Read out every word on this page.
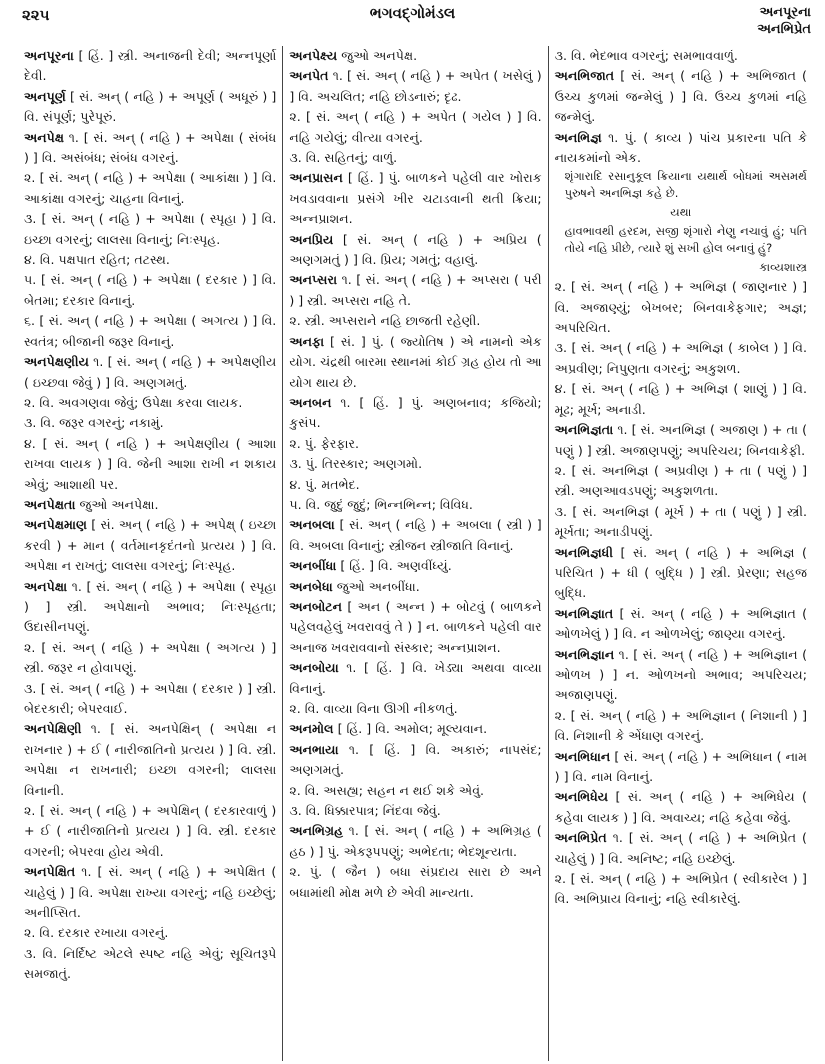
૨૨૫	ભગવદ્ગોમંડલ	અનપૂરના
અનભિપ્રેત
અનપૂરના [ હિં. ] સ્ત્રી. અનાજની દેવી; અન્નપૂર્ણા દેવી.
અનપૂર્ણ [ સં. અન્ ( નહિ ) + અપૂર્ણ ( અધૂરું ) ] વિ. સંપૂર્ણ; પુરેપૂરું.
અનપેક્ષ ૧. [ સં. અન્ ( નહિ ) + અપેક્ષા ( સંબંધ ) ] વિ. અસંબંધ; સંબંધ વગરનું.
૨. [ સં. અન્ ( નહિ ) + અપેક્ષા ( આકાંક્ષા ) ] વિ. આકાંક્ષા વગરનું; ચાહના વિનાનું.
૩. [ સં. અન્ ( નહિ ) + અપેક્ષા ( સ્પૃહા ) ] વિ. ઇચ્છા વગરનું; લાલસા વિનાનું; નિઃસ્પૃહ.
૪. વિ. પક્ષપાત રહિત; તટસ્થ.
૫. [ સં. અન્ ( નહિ ) + અપેક્ષા ( દરકાર ) ] વિ. બેતમા; દરકાર વિનાનું.
૬. [ સં. અન્ ( નહિ ) + અપેક્ષા ( અગત્ય ) ] વિ. સ્વતંત્ર; બીજાની જરૂર વિનાનું.
અનપેક્ષણીય ૧. [ સં. અન્ ( નહિ ) + અપેક્ષણીય ( ઇચ્છવા જેવું ) ] વિ. અણગમતું.
૨. વિ. અવગણવા જેવું; ઉપેક્ષા કરવા લાયક.
૩. વિ. જરૂર વગરનું; નકામું.
૪. [ સં. અન્ ( નહિ ) + અપેક્ષણીય ( આશા રાખવા લાયક ) ] વિ. જેની આશા રાખી ન શકાય એવું; આશાથી પર.
અનપેક્ષતા જુઓ અનપેક્ષા.
અનપેક્ષમાણ [ સં. અન્ ( નહિ ) + અપેક્ષ્ ( ઇચ્છા કરવી ) + માન ( વર્તમાનકૃદંતનો પ્રત્યય ) ] વિ. અપેક્ષા ન રાખતું; લાલસા વગરનું; નિઃસ્પૃહ.
અનપેક્ષા ૧. [ સં. અન્ ( નહિ ) + અપેક્ષા ( સ્પૃહા ) ] સ્ત્રી. અપેક્ષાનો અભાવ; નિઃસ્પૃહતા; ઉદાસીનપણું.
૨. [ સં. અન્ ( નહિ ) + અપેક્ષા ( અગત્ય ) ] સ્ત્રી. જરૂર ન હોવાપણું.
૩. [ સં. અન્ ( નહિ ) + અપેક્ષા ( દરકાર ) ] સ્ત્રી. બેદરકારી; બેપરવાઈ.
અનપેક્ષિણી ૧. [ સં. અનપેક્ષિન્ ( અપેક્ષા ન રાખનાર ) + ઈ ( નારીજાતિનો પ્રત્યય ) ] વિ. સ્ત્રી. અપેક્ષા ન રાખનારી; ઇચ્છા વગરની; લાલસા વિનાની.
૨. [ સં. અન્ ( નહિ ) + અપેક્ષિન્ ( દરકારવાળું ) + ઈ ( નારીજાતિનો પ્રત્યય ) ] વિ. સ્ત્રી. દરકાર વગરની; બેપરવા હોય એવી.
અનપેક્ષિત ૧. [ સં. અન્ ( નહિ ) + અપેક્ષિત ( ચાહેલું ) ] વિ. અપેક્ષા રાખ્યા વગરનું; નહિ ઇચ્છેલું; અનીપ્સિત.
૨. વિ. દરકાર રખાયા વગરનું.
૩. વિ. નિર્દિષ્ટ એટલે સ્પષ્ટ નહિ એવું; સૂચિતરૂપે સમજાતું.
અનપેક્ષ્ય જુઓ અનપેક્ષ.
અનપેત ૧. [ સં. અન્ ( નહિ ) + અપેત ( ખસેલું ) ] વિ. અચલિત; નહિ છોડનારું; દૃઢ.
૨. [ સં. અન્ ( નહિ ) + અપેત ( ગયેલ ) ] વિ. નહિ ગયેલું; વીત્યા વગરનું.
૩. વિ. સહિતનું; વાળું.
અનપ્રાસન [ હિં. ] પું. બાળકને પહેલી વાર ખોરાક ખવડાવવાના પ્રસંગે ખીર ચટાડવાની થતી ક્રિયા; અન્નપ્રાશન.
અનપ્રિય [ સં. અન્ ( નહિ ) + અપ્રિય ( અણગમતું ) ] વિ. પ્રિય; ગમતું; વહાલું.
અનપ્સરા ૧. [ સં. અન્ ( નહિ ) + અપ્સરા ( પરી ) ] સ્ત્રી. અપ્સરા નહિ તે.
૨. સ્ત્રી. અપ્સરાને નહિ છાજતી રહેણી.
અનફા [ સં. ] પું. ( જ્યોતિષ ) એ નામનો એક યોગ. ચંદ્રથી બારમા સ્થાનમાં કોઈ ગ્રહ હોય તો આ યોગ થાય છે.
અનબન ૧. [ હિં. ] પું. અણબનાવ; કજિયો; કુસંપ.
૨. પું. ફેરફાર.
૩. પું. તિરસ્કાર; અણગમો.
૪. પું. મતભેદ.
૫. વિ. જુદું જુદું; ભિન્નભિન્ન; વિવિધ.
અનબલા [ સં. અન્ ( નહિ ) + અબલા ( સ્ત્રી ) ] વિ. અબલા વિનાનું; સ્ત્રીજન સ્ત્રીજાતિ વિનાનું.
અનબીંધા [ હિં. ] વિ. અણવીંધ્યું.
અનબેધા જુઓ અનબીંધા.
અનબોટન [ અન ( અન્ન ) + બોટવું ( બાળકને પહેલવહેલું ખવરાવવું તે ) ] ન. બાળકને પહેલી વાર અનાજ ખવરાવવાનો સંસ્કાર; અન્નપ્રાશન.
અનબોયા ૧. [ હિં. ] વિ. ખેડ્યા અથવા વાવ્યા વિનાનું.
૨. વિ. વાવ્યા વિના ઊગી નીકળતું.
અનમોલ [ હિં. ] વિ. અમોલ; મૂલ્યવાન.
અનભાયા ૧. [ હિં. ] વિ. અકારું; નાપસંદ; અણગમતું.
૨. વિ. અસહ્ય; સહન ન થઈ શકે એવું.
૩. વિ. ધિક્કારપાત્ર; નિંદવા જેવું.
અનભિગ્રહ ૧. [ સં. અન્ ( નહિ ) + અભિગ્રહ ( હઠ ) ] પું. એકરૂપપણું; અભેદતા; ભેદશૂન્યતા.
૨. પું. ( જૈન ) બધા સંપ્રદાય સારા છે અને બધામાંથી મોક્ષ મળે છે એવી માન્યતા.
૩. વિ. ભેદભાવ વગરનું; સમભાવવાળું.
અનભિજાત [ સં. અન્ ( નહિ ) + અભિજાત ( ઉચ્ચ કુળમાં જન્મેલું ) ] વિ. ઉચ્ચ કુળમાં નહિ જન્મેલું.
અનભિજ્ઞ ૧. પું. ( કાવ્ય ) પાંચ પ્રકારના પતિ કે નાયકમાંનો એક.
શૃંગારાદિ રસાનુકૂલ ક્રિયાના યથાર્થ બોધમાં અસમર્થ પુરુષને અનભિજ્ઞ કહે છે.
યથા
હાવભાવથી હરદમ, સજી શૃંગારો નેણુ નચાવું હું; પતિ તોયે નહિ પ્રીછે, ત્યારે શું સખી હોલ બનાવું હું?
કાવ્યશાસ્ત્ર
૨. [ સં. અન્ ( નહિ ) + અભિજ્ઞ ( જાણનાર ) ] વિ. અજાણ્યું; બેખબર; બિનવાકેફગાર; અજ્ઞ; અપરિચિત.
૩. [ સં. અન્ ( નહિ ) + અભિજ્ઞ ( કાબેલ ) ] વિ. અપ્રવીણ; નિપુણતા વગરનું; અકુશળ.
૪. [ સં. અન્ ( નહિ ) + અભિજ્ઞ ( શાણું ) ] વિ. મૂઢ; મૂર્ખ; અનાડી.
અનભિજ્ઞતા ૧. [ સં. અનભિજ્ઞ ( અજાણ ) + તા ( પણું ) ] સ્ત્રી. અજાણપણું; અપરિચય; બિનવાકેફી.
૨. [ સં. અનભિજ્ઞ ( અપ્રવીણ ) + તા ( પણું ) ] સ્ત્રી. અણઆવડપણું; અકુશળતા.
૩. [ સં. અનભિજ્ઞ ( મૂર્ખ ) + તા ( પણું ) ] સ્ત્રી. મૂર્ખતા; અનાડીપણું.
અનભિજ્ઞધી [ સં. અન્ ( નહિ ) + અભિજ્ઞ ( પરિચિત ) + ધી ( બુદ્ધિ ) ] સ્ત્રી. પ્રેરણા; સહજ બુદ્ધિ.
અનભિજ્ઞાત [ સં. અન્ ( નહિ ) + અભિજ્ઞાત ( ઓળખેલું ) ] વિ. ન ઓળખેલું; જાણ્યા વગરનું.
અનભિજ્ઞાન ૧. [ સં. અન્ ( નહિ ) + અભિજ્ઞાન ( ઓળખ ) ] ન. ઓળખનો અભાવ; અપરિચય; અજાણપણું.
૨. [ સં. અન્ ( નહિ ) + અભિજ્ઞાન ( નિશાની ) ] વિ. નિશાની કે એંધાણ વગરનું.
અનભિધાન [ સં. અન્ ( નહિ ) + અભિધાન ( નામ ) ] વિ. નામ વિનાનું.
અનભિધેય [ સં. અન્ ( નહિ ) + અભિધેય ( કહેવા લાયક ) ] વિ. અવાચ્ય; નહિ કહેવા જેવું.
અનભિપ્રેત ૧. [ સં. અન્ ( નહિ ) + અભિપ્રેત ( ચાહેલું ) ] વિ. અનિષ્ટ; નહિ ઇચ્છેલું.
૨. [ સં. અન્ ( નહિ ) + અભિપ્રેત ( સ્વીકારેલ ) ] વિ. અભિપ્રાય વિનાનું; નહિ સ્વીકારેલું.
